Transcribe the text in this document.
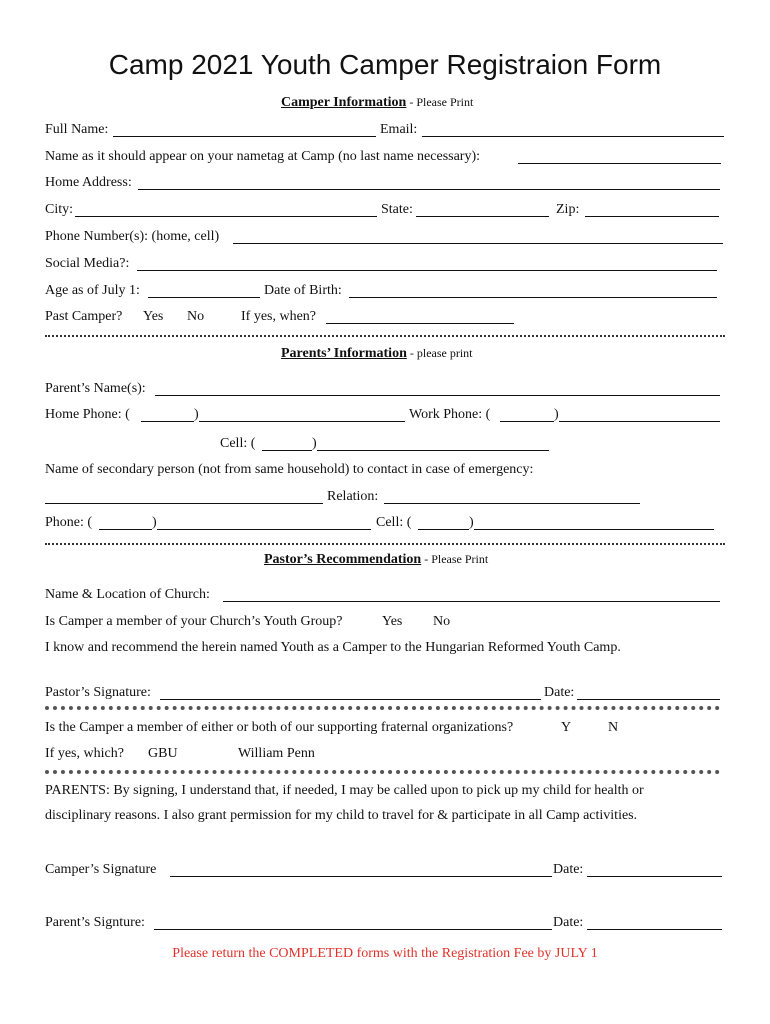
Camp 2021 Youth Camper Registraion Form
Camper Information - Please Print
Full Name:	Email:
Name as it should appear on your nametag at Camp (no last name necessary):
Home Address:
City:	State:	Zip:
Phone Number(s): (home, cell)
Social Media?:
Age as of July 1:	Date of Birth:
Past Camper? Yes No	If yes, when?
Parents’ Information - please print
Parent’s Name(s):
Home Phone: (	)	Work Phone: (	)
Cell: (	)
Name of secondary person (not from same household) to contact in case of emergency:
Relation:
Phone: (	)	Cell: (	)
Pastor’s Recommendation - Please Print
Name & Location of Church:
Is Camper a member of your Church’s Youth Group?	Yes No
I know and recommend the herein named Youth as a Camper to the Hungarian Reformed Youth Camp.
Pastor’s Signature:	Date:
Is the Camper a member of either or both of our supporting fraternal organizations?	Y	N
If yes, which? GBU	William Penn
PARENTS: By signing, I understand that, if needed, I may be called upon to pick up my child for health or
disciplinary reasons. I also grant permission for my child to travel for & participate in all Camp activities.
Camper’s Signature	Date:
Parent’s Signture:	Date:
Please return the COMPLETED forms with the Registration Fee by JULY 1
